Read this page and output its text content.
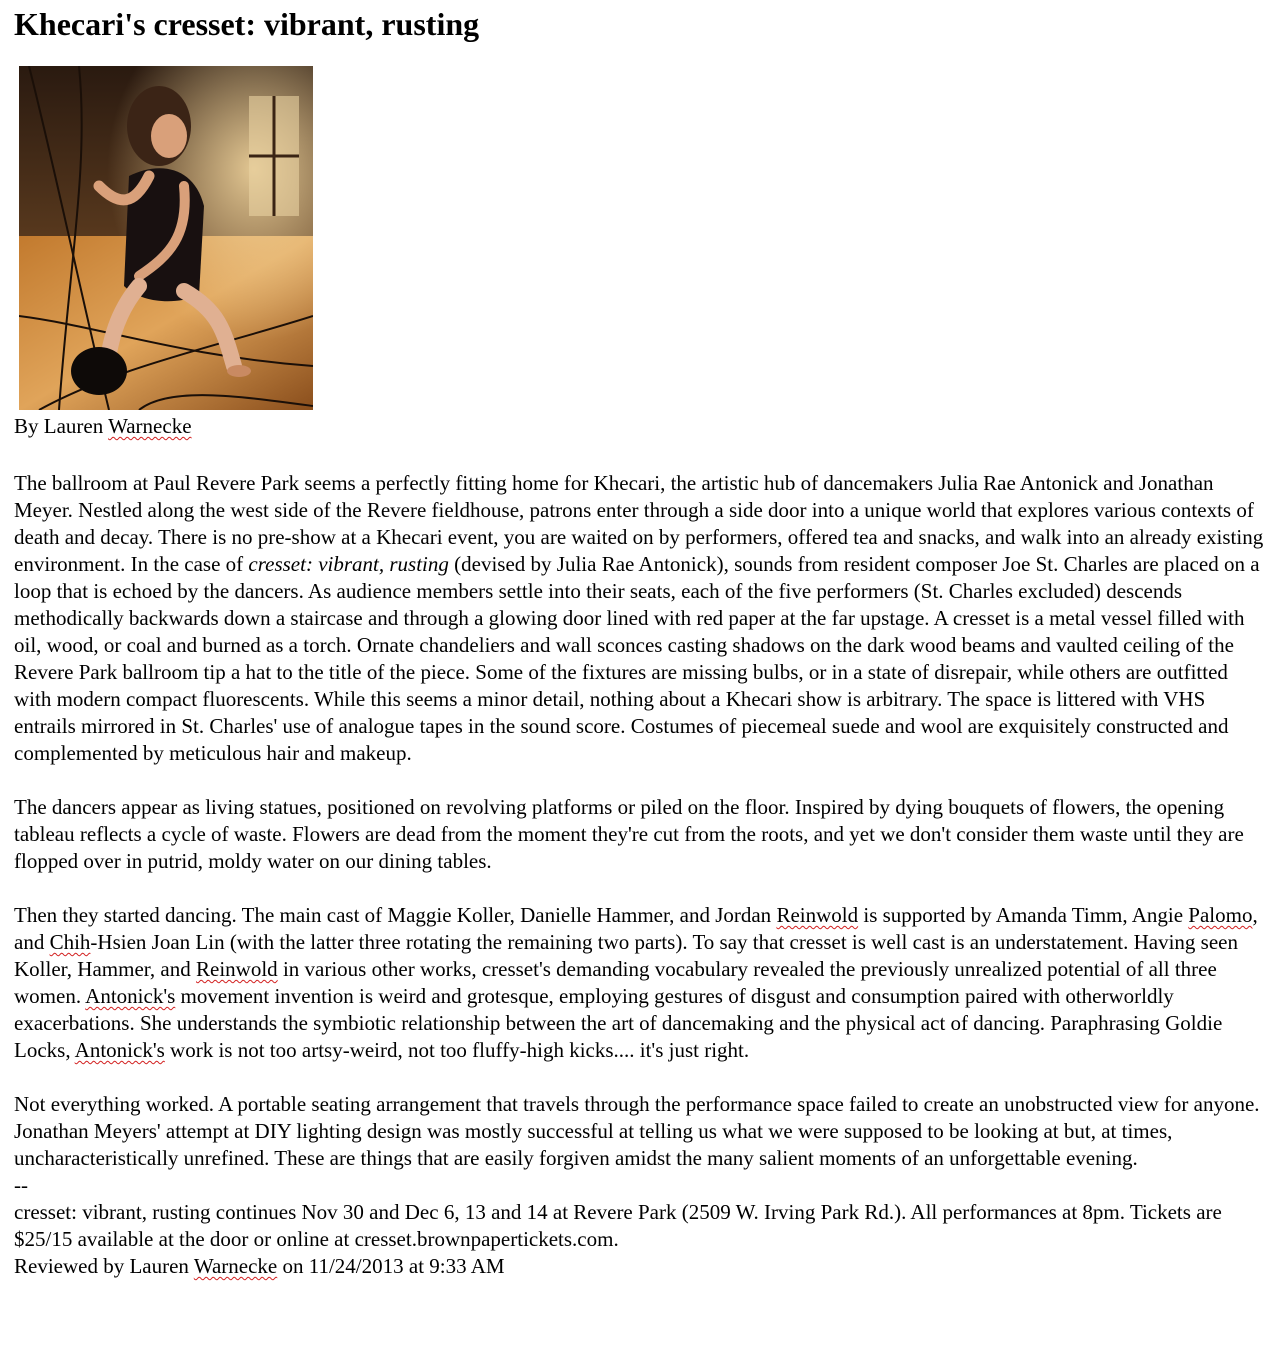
Khecari's cresset: vibrant, rusting

By Lauren Warnecke

The ballroom at Paul Revere Park seems a perfectly fitting home for Khecari, the artistic hub of dancemakers Julia Rae Antonick and Jonathan Meyer. Nestled along the west side of the Revere fieldhouse, patrons enter through a side door into a unique world that explores various contexts of death and decay. There is no pre-show at a Khecari event, you are waited on by performers, offered tea and snacks, and walk into an already existing environment. In the case of cresset: vibrant, rusting (devised by Julia Rae Antonick), sounds from resident composer Joe St. Charles are placed on a loop that is echoed by the dancers. As audience members settle into their seats, each of the five performers (St. Charles excluded) descends methodically backwards down a staircase and through a glowing door lined with red paper at the far upstage. A cresset is a metal vessel filled with oil, wood, or coal and burned as a torch. Ornate chandeliers and wall sconces casting shadows on the dark wood beams and vaulted ceiling of the Revere Park ballroom tip a hat to the title of the piece. Some of the fixtures are missing bulbs, or in a state of disrepair, while others are outfitted with modern compact fluorescents. While this seems a minor detail, nothing about a Khecari show is arbitrary. The space is littered with VHS entrails mirrored in St. Charles' use of analogue tapes in the sound score. Costumes of piecemeal suede and wool are exquisitely constructed and complemented by meticulous hair and makeup.

The dancers appear as living statues, positioned on revolving platforms or piled on the floor. Inspired by dying bouquets of flowers, the opening tableau reflects a cycle of waste. Flowers are dead from the moment they're cut from the roots, and yet we don't consider them waste until they are flopped over in putrid, moldy water on our dining tables.

Then they started dancing. The main cast of Maggie Koller, Danielle Hammer, and Jordan Reinwold is supported by Amanda Timm, Angie Palomo, and Chih-Hsien Joan Lin (with the latter three rotating the remaining two parts). To say that cresset is well cast is an understatement. Having seen Koller, Hammer, and Reinwold in various other works, cresset's demanding vocabulary revealed the previously unrealized potential of all three women. Antonick's movement invention is weird and grotesque, employing gestures of disgust and consumption paired with otherworldly exacerbations. She understands the symbiotic relationship between the art of dancemaking and the physical act of dancing. Paraphrasing Goldie Locks, Antonick's work is not too artsy-weird, not too fluffy-high kicks.... it's just right.

Not everything worked. A portable seating arrangement that travels through the performance space failed to create an unobstructed view for anyone. Jonathan Meyers' attempt at DIY lighting design was mostly successful at telling us what we were supposed to be looking at but, at times, uncharacteristically unrefined. These are things that are easily forgiven amidst the many salient moments of an unforgettable evening.

--

cresset: vibrant, rusting continues Nov 30 and Dec 6, 13 and 14 at Revere Park (2509 W. Irving Park Rd.). All performances at 8pm. Tickets are $25/15 available at the door or online at cresset.brownpapertickets.com.

Reviewed by Lauren Warnecke on 11/24/2013 at 9:33 AM
